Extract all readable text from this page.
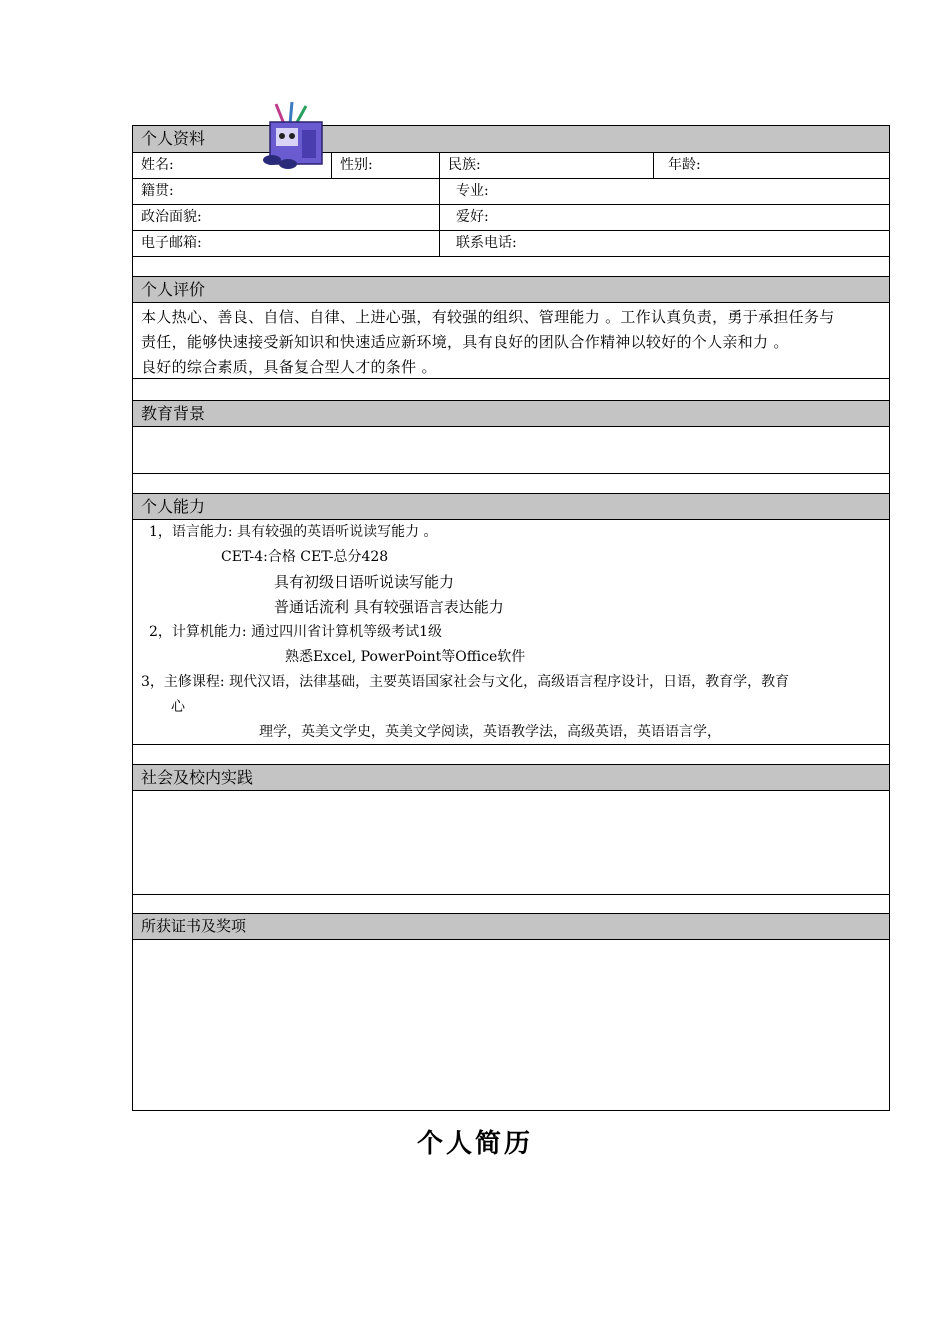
个人资料
姓名:	性别:	民族:	年龄:
籍贯:	专业:
政治面貌:	爱好:
电子邮箱:	联系电话:
个人评价
本人热心、善良、自信、自律、上进心强，有较强的组织、管理能力 。工作认真负责，勇于承担任务与
责任，能够快速接受新知识和快速适应新环境，具有良好的团队合作精神以较好的个人亲和力 。
良好的综合素质，具备复合型人才的条件 。
教育背景
个人能力
1，语言能力: 具有较强的英语听说读写能力 。
CET-4:合格 CET-总分428
具有初级日语听说读写能力
普通话流利 具有较强语言表达能力
2，计算机能力: 通过四川省计算机等级考试1级
熟悉Excel, PowerPoint等Office软件
3，主修课程: 现代汉语，法律基础，主要英语国家社会与文化，高级语言程序设计，日语，教育学，教育
心
理学，英美文学史，英美文学阅读，英语教学法，高级英语，英语语言学，
社会及校内实践
所获证书及奖项
个人简历
